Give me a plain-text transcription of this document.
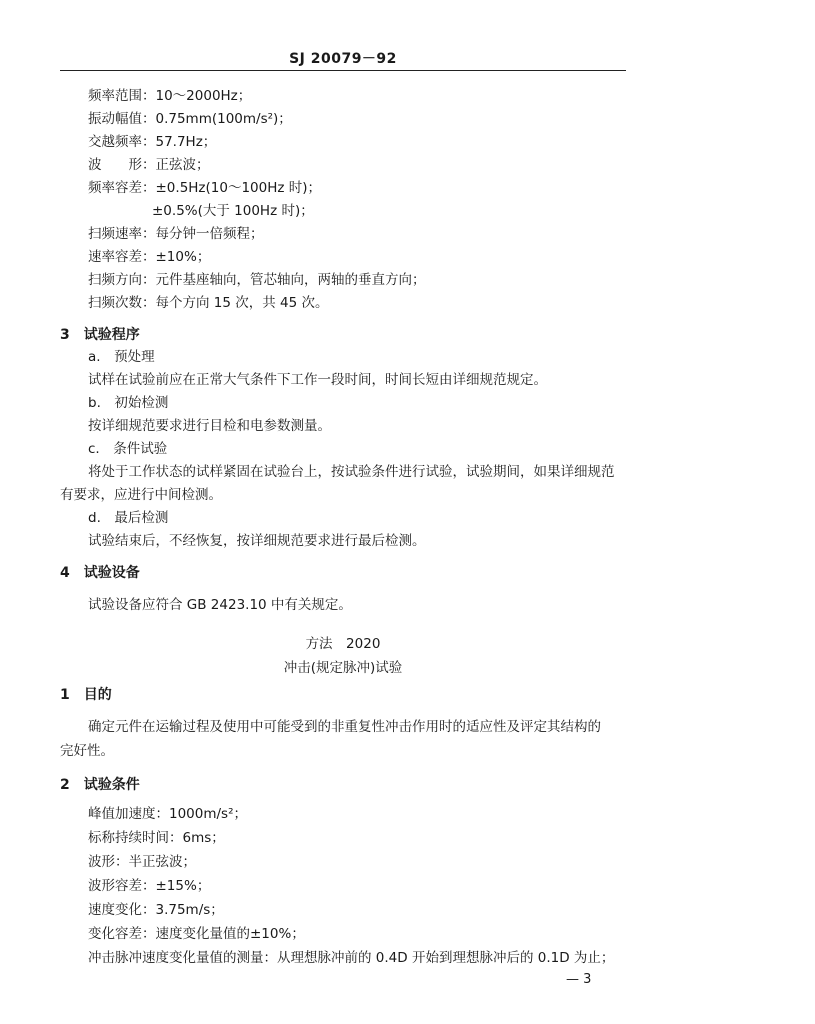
SJ 20079－92
频率范围：10～2000Hz；
振动幅值：0.75mm(100m/s²)；
交越频率：57.7Hz；
波　　形：正弦波；
频率容差：±0.5Hz(10～100Hz 时)；
±0.5%(大于 100Hz 时)；
扫频速率：每分钟一倍频程；
速率容差：±10%；
扫频方向：元件基座轴向，管芯轴向，两轴的垂直方向；
扫频次数：每个方向 15 次，共 45 次。
3　试验程序
a.　预处理
试样在试验前应在正常大气条件下工作一段时间，时间长短由详细规范规定。
b.　初始检测
按详细规范要求进行目检和电参数测量。
c.　条件试验
将处于工作状态的试样紧固在试验台上，按试验条件进行试验，试验期间，如果详细规范
有要求，应进行中间检测。
d.　最后检测
试验结束后，不经恢复，按详细规范要求进行最后检测。
4　试验设备
试验设备应符合 GB 2423.10 中有关规定。
方法　2020
冲击(规定脉冲)试验
1　目的
确定元件在运输过程及使用中可能受到的非重复性冲击作用时的适应性及评定其结构的
完好性。
2　试验条件
峰值加速度：1000m/s²；
标称持续时间：6ms；
波形：半正弦波；
波形容差：±15%；
速度变化：3.75m/s；
变化容差：速度变化量值的±10%；
冲击脉冲速度变化量值的测量：从理想脉冲前的 0.4D 开始到理想脉冲后的 0.1D 为止；
— 3
